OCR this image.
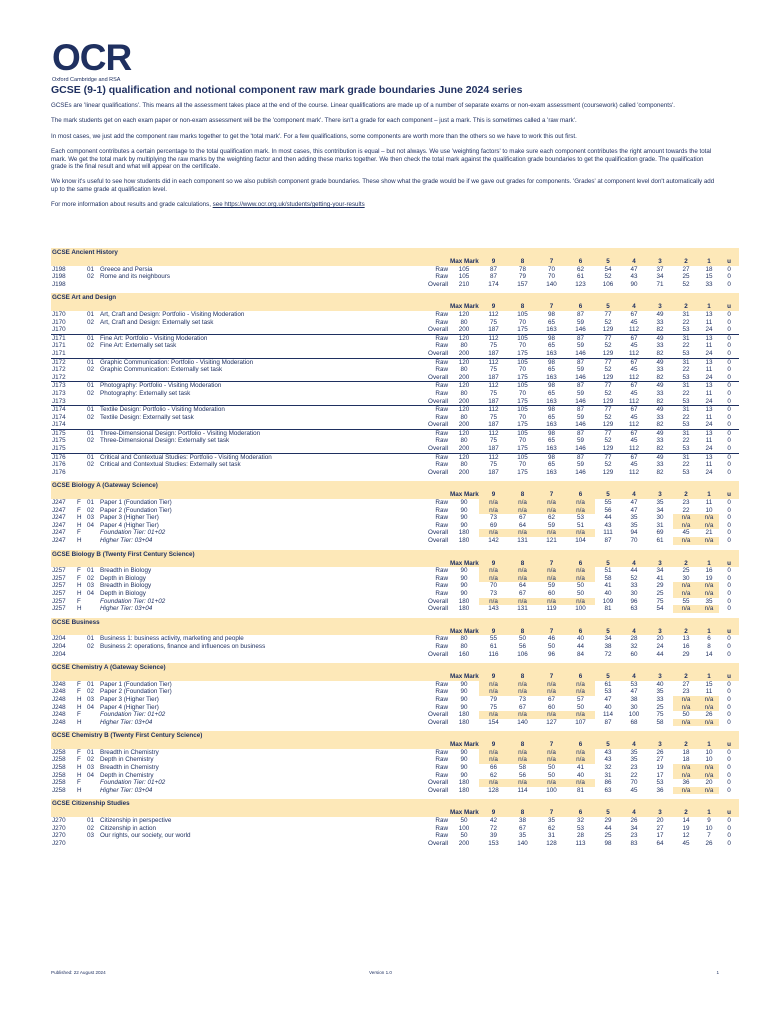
OCR
Oxford Cambridge and RSA
GCSE (9-1) qualification and notional component raw mark grade boundaries June 2024 series

GCSEs are 'linear qualifications'. This means all the assessment takes place at the end of the course. Linear qualifications are made up of a number of separate exams or non-exam assessment (coursework) called 'components'.

The mark students get on each exam paper or non-exam assessment will be the 'component mark'. There isn't a grade for each component – just a mark. This is sometimes called a 'raw mark'.

In most cases, we just add the component raw marks together to get the 'total mark'. For a few qualifications, some components are worth more than the others so we have to work this out first.

Each component contributes a certain percentage to the total qualification mark. In most cases, this contribution is equal – but not always. We use 'weighting factors' to make sure each component contributes the right amount towards the total mark. We get the total mark by multiplying the raw marks by the weighting factor and then adding these marks together. We then check the total mark against the qualification grade boundaries to get the qualification grade. The qualification grade is the final result and what will appear on the certificate.

We know it's useful to see how students did in each component so we also publish component grade boundaries. These show what the grade would be if we gave out grades for components. 'Grades' at component level don't automatically add up to the same grade at qualification level.

For more information about results and grade calculations, see https://www.ocr.org.uk/students/getting-your-results

GCSE Ancient History															
					Max Mark	9	8	7	6	5	4	3	2	1	u
J198		01	Greece and Persia	Raw	105	87	78	70	62	54	47	37	27	18	0
J198		02	Rome and its neighbours	Raw	105	87	79	70	61	52	43	34	25	15	0
J198				Overall	210	174	157	140	123	106	90	71	52	33	0
GCSE Art and Design															
					Max Mark	9	8	7	6	5	4	3	2	1	u
J170		01	Art, Craft and Design: Portfolio - Visiting Moderation	Raw	120	112	105	98	87	77	67	49	31	13	0
J170		02	Art, Craft and Design: Externally set task	Raw	80	75	70	65	59	52	45	33	22	11	0
J170				Overall	200	187	175	163	146	129	112	82	53	24	0
J171		01	Fine Art: Portfolio - Visiting Moderation	Raw	120	112	105	98	87	77	67	49	31	13	0
J171		02	Fine Art: Externally set task	Raw	80	75	70	65	59	52	45	33	22	11	0
J171				Overall	200	187	175	163	146	129	112	82	53	24	0
J172		01	Graphic Communication: Portfolio - Visiting Moderation	Raw	120	112	105	98	87	77	67	49	31	13	0
J172		02	Graphic Communication: Externally set task	Raw	80	75	70	65	59	52	45	33	22	11	0
J172				Overall	200	187	175	163	146	129	112	82	53	24	0
J173		01	Photography: Portfolio - Visiting Moderation	Raw	120	112	105	98	87	77	67	49	31	13	0
J173		02	Photography: Externally set task	Raw	80	75	70	65	59	52	45	33	22	11	0
J173				Overall	200	187	175	163	146	129	112	82	53	24	0
J174		01	Textile Design: Portfolio - Visiting Moderation	Raw	120	112	105	98	87	77	67	49	31	13	0
J174		02	Textile Design: Externally set task	Raw	80	75	70	65	59	52	45	33	22	11	0
J174				Overall	200	187	175	163	146	129	112	82	53	24	0
J175		01	Three-Dimensional Design: Portfolio - Visiting Moderation	Raw	120	112	105	98	87	77	67	49	31	13	0
J175		02	Three-Dimensional Design: Externally set task	Raw	80	75	70	65	59	52	45	33	22	11	0
J175				Overall	200	187	175	163	146	129	112	82	53	24	0
J176		01	Critical and Contextual Studies: Portfolio - Visiting Moderation	Raw	120	112	105	98	87	77	67	49	31	13	0
J176		02	Critical and Contextual Studies: Externally set task	Raw	80	75	70	65	59	52	45	33	22	11	0
J176				Overall	200	187	175	163	146	129	112	82	53	24	0
GCSE Biology A (Gateway Science)															
					Max Mark	9	8	7	6	5	4	3	2	1	u
J247	F	01	Paper 1 (Foundation Tier)	Raw	90	n/a	n/a	n/a	n/a	55	47	35	23	11	0
J247	F	02	Paper 2 (Foundation Tier)	Raw	90	n/a	n/a	n/a	n/a	56	47	34	22	10	0
J247	H	03	Paper 3 (Higher Tier)	Raw	90	73	67	62	53	44	35	30	n/a	n/a	0
J247	H	04	Paper 4 (Higher Tier)	Raw	90	69	64	59	51	43	35	31	n/a	n/a	0
J247	F		Foundation Tier: 01+02	Overall	180	n/a	n/a	n/a	n/a	111	94	69	45	21	0
J247	H		Higher Tier: 03+04	Overall	180	142	131	121	104	87	70	61	n/a	n/a	0
GCSE Biology B (Twenty First Century Science)															
					Max Mark	9	8	7	6	5	4	3	2	1	u
J257	F	01	Breadth in Biology	Raw	90	n/a	n/a	n/a	n/a	51	44	34	25	16	0
J257	F	02	Depth in Biology	Raw	90	n/a	n/a	n/a	n/a	58	52	41	30	19	0
J257	H	03	Breadth in Biology	Raw	90	70	64	59	50	41	33	29	n/a	n/a	0
J257	H	04	Depth in Biology	Raw	90	73	67	60	50	40	30	25	n/a	n/a	0
J257	F		Foundation Tier: 01+02	Overall	180	n/a	n/a	n/a	n/a	109	96	75	55	35	0
J257	H		Higher Tier: 03+04	Overall	180	143	131	119	100	81	63	54	n/a	n/a	0
GCSE Business															
					Max Mark	9	8	7	6	5	4	3	2	1	u
J204		01	Business 1: business activity, marketing and people	Raw	80	55	50	46	40	34	28	20	13	6	0
J204		02	Business 2: operations, finance and influences on business	Raw	80	61	56	50	44	38	32	24	16	8	0
J204				Overall	160	116	106	96	84	72	60	44	29	14	0
GCSE Chemistry A (Gateway Science)															
					Max Mark	9	8	7	6	5	4	3	2	1	u
J248	F	01	Paper 1 (Foundation Tier)	Raw	90	n/a	n/a	n/a	n/a	61	53	40	27	15	0
J248	F	02	Paper 2 (Foundation Tier)	Raw	90	n/a	n/a	n/a	n/a	53	47	35	23	11	0
J248	H	03	Paper 3 (Higher Tier)	Raw	90	79	73	67	57	47	38	33	n/a	n/a	0
J248	H	04	Paper 4 (Higher Tier)	Raw	90	75	67	60	50	40	30	25	n/a	n/a	0
J248	F		Foundation Tier: 01+02	Overall	180	n/a	n/a	n/a	n/a	114	100	75	50	26	0
J248	H		Higher Tier: 03+04	Overall	180	154	140	127	107	87	68	58	n/a	n/a	0
GCSE Chemistry B (Twenty First Century Science)															
					Max Mark	9	8	7	6	5	4	3	2	1	u
J258	F	01	Breadth in Chemistry	Raw	90	n/a	n/a	n/a	n/a	43	35	26	18	10	0
J258	F	02	Depth in Chemistry	Raw	90	n/a	n/a	n/a	n/a	43	35	27	18	10	0
J258	H	03	Breadth in Chemistry	Raw	90	66	58	50	41	32	23	19	n/a	n/a	0
J258	H	04	Depth in Chemistry	Raw	90	62	56	50	40	31	22	17	n/a	n/a	0
J258	F		Foundation Tier: 01+02	Overall	180	n/a	n/a	n/a	n/a	86	70	53	36	20	0
J258	H		Higher Tier: 03+04	Overall	180	128	114	100	81	63	45	36	n/a	n/a	0
GCSE Citizenship Studies															
					Max Mark	9	8	7	6	5	4	3	2	1	u
J270		01	Citizenship in perspective	Raw	50	42	38	35	32	29	26	20	14	9	0
J270		02	Citizenship in action	Raw	100	72	67	62	53	44	34	27	19	10	0
J270		03	Our rights, our society, our world	Raw	50	39	35	31	28	25	23	17	12	7	0
J270				Overall	200	153	140	128	113	98	83	64	45	26	0
Published: 22 August 2024	Version 1.0	1
